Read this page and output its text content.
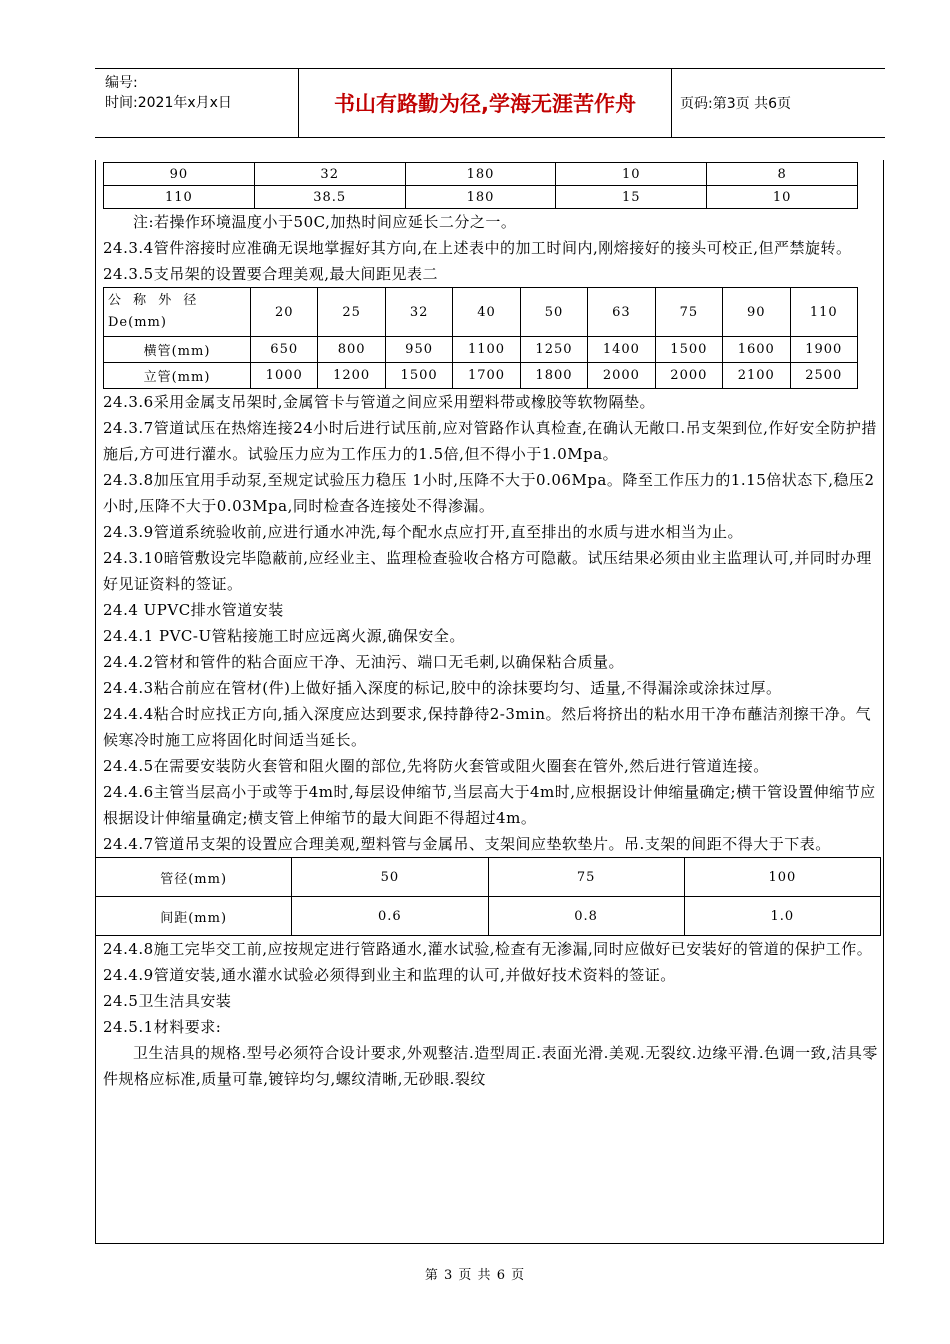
编号:
时间:2021年x月x日	书山有路勤为径,学海无涯苦作舟	页码:第3页 共6页
90	32	180	10	8
110	38.5	180	15	10

注:若操作环境温度小于50C,加热时间应延长二分之一。

24.3.4管件溶接时应准确无误地掌握好其方向,在上述表中的加工时间内,刚熔接好的接头可校正,但严禁旋转。

24.3.5支吊架的设置要合理美观,最大间距见表二

公 称 外 径
De(mm)	20	25	32	40	50	63	75	90	110
横管(mm)	650	800	950	1100	1250	1400	1500	1600	1900
立管(mm)	1000	1200	1500	1700	1800	2000	2000	2100	2500

24.3.6采用金属支吊架时,金属管卡与管道之间应采用塑料带或橡胶等软物隔垫。

24.3.7管道试压在热熔连接24小时后进行试压前,应对管路作认真检查,在确认无敞口.吊支架到位,作好安全防护措施后,方可进行灌水。试验压力应为工作压力的1.5倍,但不得小于1.0Mpa。

24.3.8加压宜用手动泵,至规定试验压力稳压 1小时,压降不大于0.06Mpa。降至工作压力的1.15倍状态下,稳压2小时,压降不大于0.03Mpa,同时检查各连接处不得渗漏。

24.3.9管道系统验收前,应进行通水冲洗,每个配水点应打开,直至排出的水质与进水相当为止。

24.3.10暗管敷设完毕隐蔽前,应经业主、监理检查验收合格方可隐蔽。试压结果必须由业主监理认可,并同时办理好见证资料的签证。

24.4 UPVC排水管道安装

24.4.1 PVC-U管粘接施工时应远离火源,确保安全。

24.4.2管材和管件的粘合面应干净、无油污、端口无毛刺,以确保粘合质量。

24.4.3粘合前应在管材(件)上做好插入深度的标记,胶中的涂抹要均匀、适量,不得漏涂或涂抹过厚。

24.4.4粘合时应找正方向,插入深度应达到要求,保持静待2-3min。然后将挤出的粘水用干净布蘸洁剂擦干净。气候寒冷时施工应将固化时间适当延长。

24.4.5在需要安装防火套管和阻火圈的部位,先将防火套管或阻火圈套在管外,然后进行管道连接。

24.4.6主管当层高小于或等于4m时,每层设伸缩节,当层高大于4m时,应根据设计伸缩量确定;横干管设置伸缩节应根据设计伸缩量确定;横支管上伸缩节的最大间距不得超过4m。

24.4.7管道吊支架的设置应合理美观,塑料管与金属吊、支架间应垫软垫片。吊.支架的间距不得大于下表。

管径(mm)	50	75	100
间距(mm)	0.6	0.8	1.0

24.4.8施工完毕交工前,应按规定进行管路通水,灌水试验,检查有无渗漏,同时应做好已安装好的管道的保护工作。

24.4.9管道安装,通水灌水试验必须得到业主和监理的认可,并做好技术资料的签证。

24.5卫生洁具安装

24.5.1材料要求:

卫生洁具的规格.型号必须符合设计要求,外观整洁.造型周正.表面光滑.美观.无裂纹.边缘平滑.色调一致,洁具零件规格应标准,质量可靠,镀锌均匀,螺纹清晰,无砂眼.裂纹

第 3 页 共 6 页
